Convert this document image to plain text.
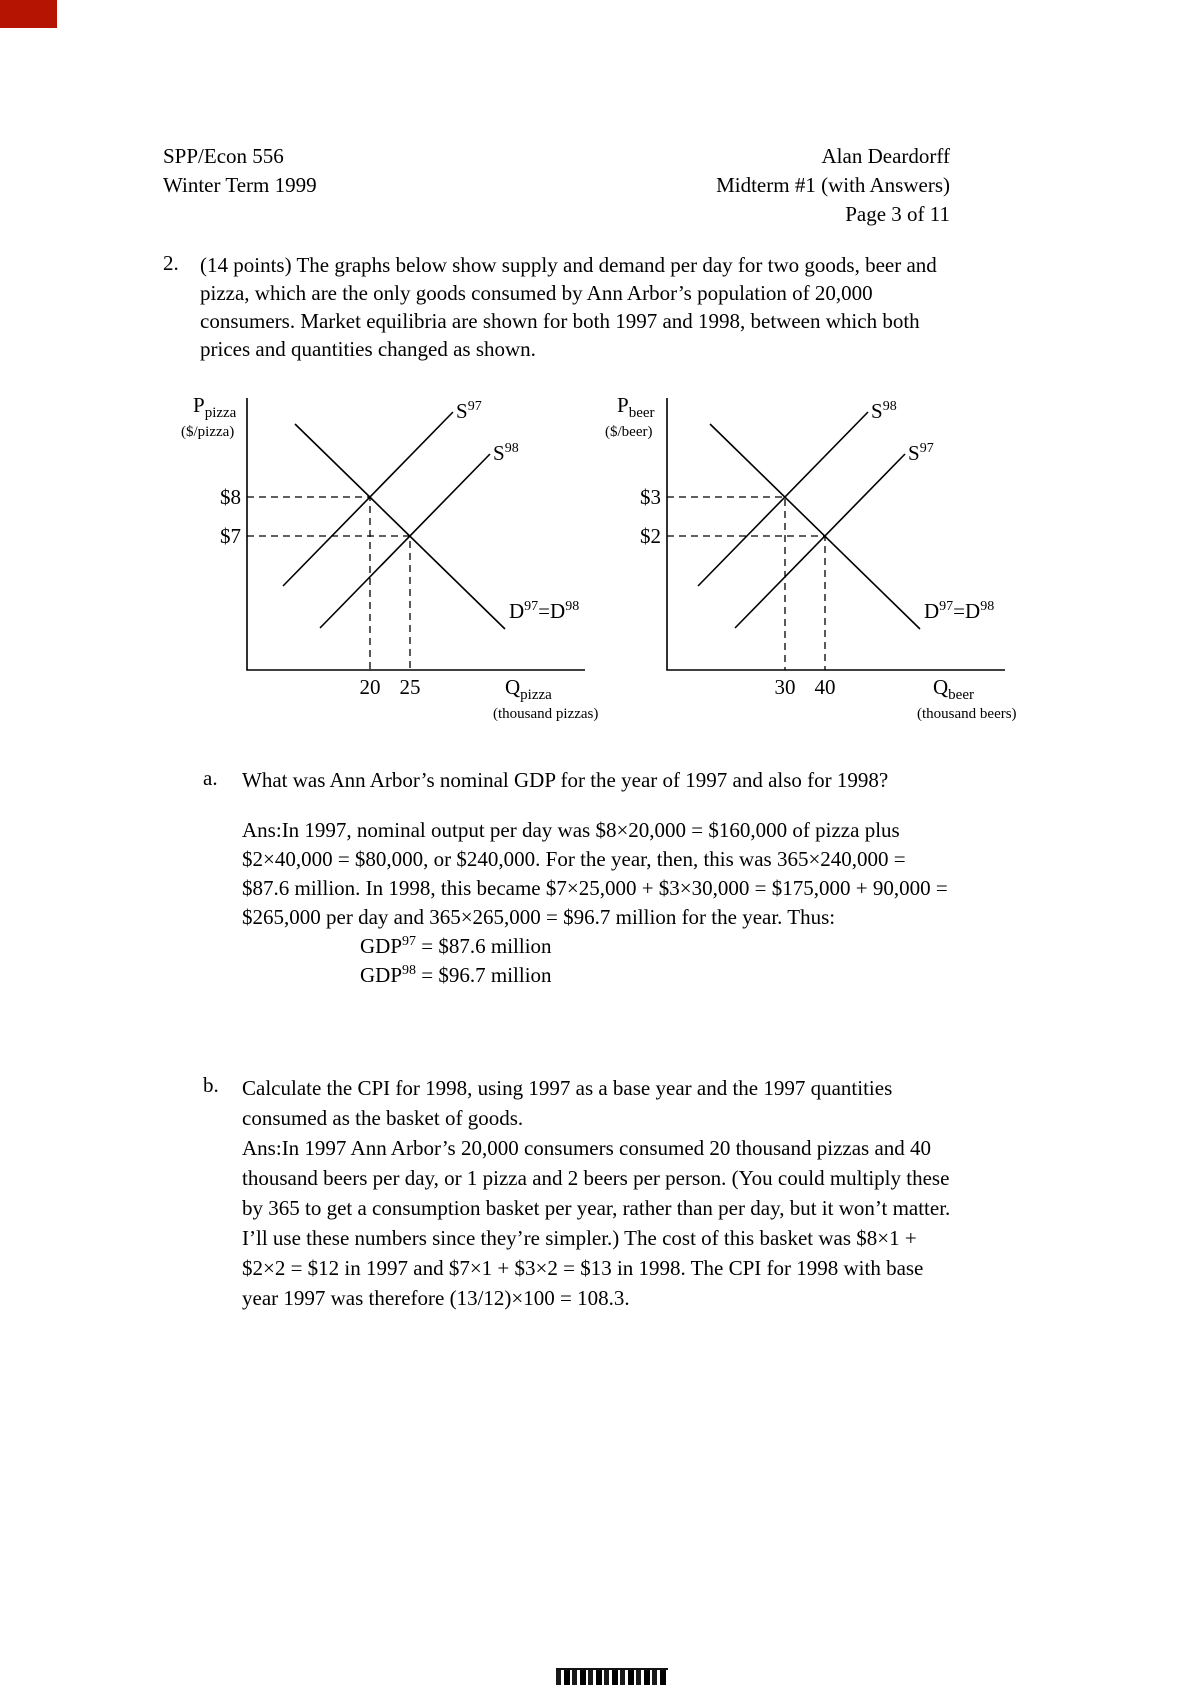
SPP/Econ 556
Winter Term 1999
Alan Deardorff
Midterm #1 (with Answers)
Page 3 of 11
2.	(14 points) The graphs below show supply and demand per day for two goods, beer and pizza, which are the only goods consumed by Ann Arbor’s population of 20,000 consumers. Market equilibria are shown for both 1997 and 1998, between which both prices and quantities changed as shown.
$P_{pizza}$
($/pizza)
$8
$7
20 25	$Q_{pizza}$
(thousand pizzas)
$S^{97}$
$S^{98}$
$D^{97}=D^{98}$
$P_{beer}$
($/beer)
$3
$2
30 40	$Q_{beer}$
(thousand beers)
$S^{98}$
$S^{97}$
$D^{97}=D^{98}$
a.	What was Ann Arbor’s nominal GDP for the year of 1997 and also for 1998?

Ans:In 1997, nominal output per day was $8×20,000 = $160,000 of pizza plus $2×40,000 = $80,000, or $240,000. For the year, then, this was 365×240,000 = $87.6 million. In 1998, this became $7×25,000 + $3×30,000 = $175,000 + 90,000 = $265,000 per day and 365×265,000 = $96.7 million for the year. Thus:

$GDP^{97}$ = $87.6 million
$GDP^{98}$ = $96.7 million
b.	Calculate the CPI for 1998, using 1997 as a base year and the 1997 quantities consumed as the basket of goods.

Ans:In 1997 Ann Arbor’s 20,000 consumers consumed 20 thousand pizzas and 40 thousand beers per day, or 1 pizza and 2 beers per person. (You could multiply these by 365 to get a consumption basket per year, rather than per day, but it won’t matter. I’ll use these numbers since they’re simpler.) The cost of this basket was $8×1 + $2×2 = $12 in 1997 and $7×1 + $3×2 = $13 in 1998. The CPI for 1998 with base year 1997 was therefore (13/12)×100 = 108.3.
